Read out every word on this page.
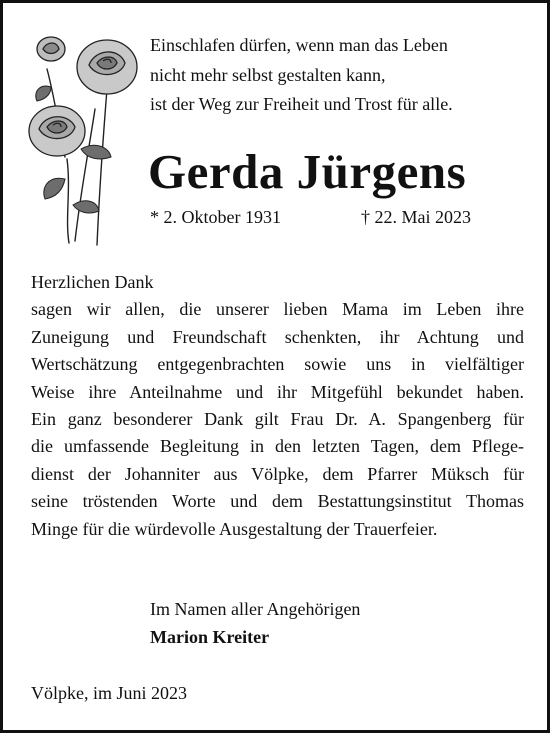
Einschlafen dürfen, wenn man das Leben
nicht mehr selbst gestalten kann,
ist der Weg zur Freiheit und Trost für alle.
Gerda Jürgens
* 2. Oktober 1931	† 22. Mai 2023
Herzlichen Dank
sagen wir allen, die unserer lieben Mama im Leben ihre
Zuneigung und Freundschaft schenkten, ihr Achtung und
Wertschätzung entgegenbrachten sowie uns in vielfältiger
Weise ihre Anteilnahme und ihr Mitgefühl bekundet haben.
Ein ganz besonderer Dank gilt Frau Dr. A. Spangenberg für
die umfassende Begleitung in den letzten Tagen, dem Pflege-
dienst der Johanniter aus Völpke, dem Pfarrer Müksch für
seine tröstenden Worte und dem Bestattungsinstitut Thomas
Minge für die würdevolle Ausgestaltung der Trauerfeier.
Im Namen aller Angehörigen
Marion Kreiter
Völpke, im Juni 2023
